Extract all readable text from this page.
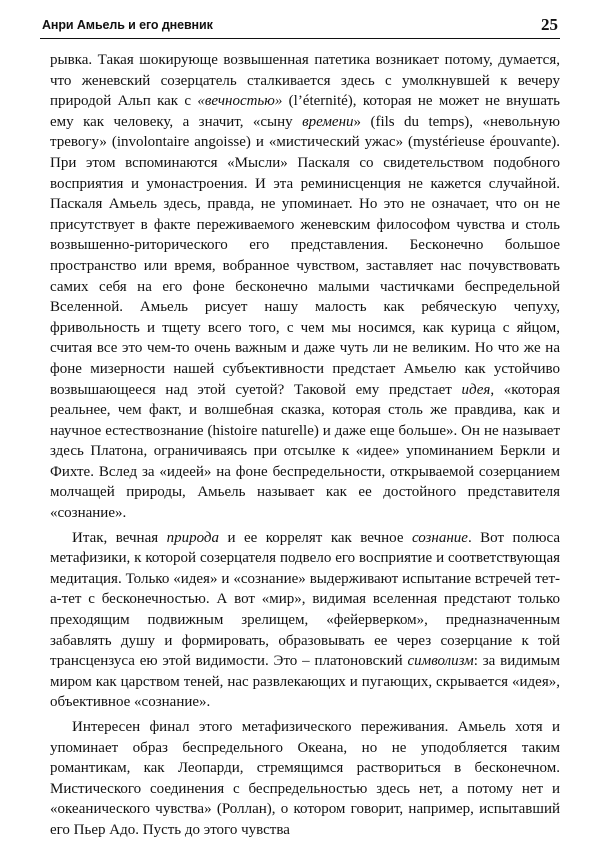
Анри Амьель и его дневник	25

рывка. Такая шокирующе возвышенная патетика возникает потому, думается, что женевский созерцатель сталкивается здесь с умолкнувшей к вечеру природой Альп как с «вечностью» (l’éternité), которая не может не внушать ему как человеку, а значит, «сыну времени» (fils du temps), «невольную тревогу» (involontaire angoisse) и «мистический ужас» (mystérieuse épouvante). При этом вспоминаются «Мысли» Паскаля со свидетельством подобного восприятия и умонастроения. И эта реминисценция не кажется случайной. Паскаля Амьель здесь, правда, не упоминает. Но это не означает, что он не присутствует в факте переживаемого женевским философом чувства и столь возвышенно-риторического его представления. Бесконечно большое пространство или время, вобранное чувством, заставляет нас почувствовать самих себя на его фоне бесконечно малыми частичками беспредельной Вселенной. Амьель рисует нашу малость как ребяческую чепуху, фривольность и тщету всего того, с чем мы носимся, как курица с яйцом, считая все это чем-то очень важным и даже чуть ли не великим. Но что же на фоне мизерности нашей субъективности предстает Амьелю как устойчиво возвышающееся над этой суетой? Таковой ему предстает идея, «которая реальнее, чем факт, и волшебная сказка, которая столь же правдива, как и научное естествознание (histoire naturelle) и даже еще больше». Он не называет здесь Платона, ограничиваясь при отсылке к «идее» упоминанием Беркли и Фихте. Вслед за «идеей» на фоне беспредельности, открываемой созерцанием молчащей природы, Амьель называет как ее достойного представителя «сознание».

Итак, вечная природа и ее коррелят как вечное сознание. Вот полюса метафизики, к которой созерцателя подвело его восприятие и соответствующая медитация. Только «идея» и «сознание» выдерживают испытание встречей тет-а-тет с бесконечностью. А вот «мир», видимая вселенная предстают только преходящим подвижным зрелищем, «фейерверком», предназначенным забавлять душу и формировать, образовывать ее через созерцание к той трансцензуса ею этой видимости. Это – платоновский символизм: за видимым миром как царством теней, нас развлекающих и пугающих, скрывается «идея», объективное «сознание».

Интересен финал этого метафизического переживания. Амьель хотя и упоминает образ беспредельного Океана, но не уподобляется таким романтикам, как Леопарди, стремящимся раствориться в бесконечном. Мистического соединения с беспредельностью здесь нет, а потому нет и «океанического чувства» (Роллан), о котором говорит, например, испытавший его Пьер Адо. Пусть до этого чувства
